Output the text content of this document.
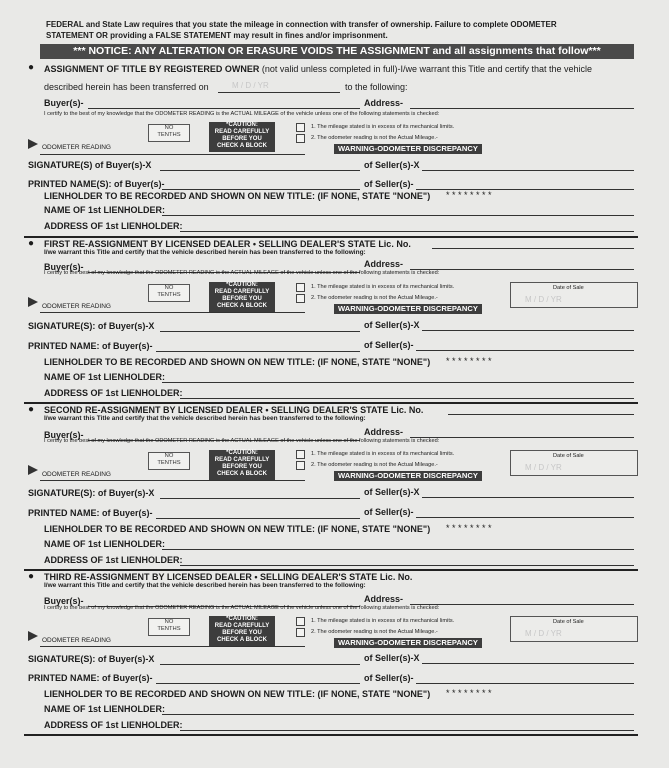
FEDERAL and State Law requires that you state the mileage in connection with transfer of ownership. Failure to complete ODOMETER
STATEMENT OR providing a FALSE STATEMENT may result in fines and/or imprisonment.
*** NOTICE: ANY ALTERATION OR ERASURE VOIDS THE ASSIGNMENT and all assignments that follow***
● ASSIGNMENT OF TITLE BY REGISTERED OWNER (not valid unless completed in full)-I/we warrant this Title and certify that the vehicle
described herein has been transferred on	M / D / YR	to the following:
Buyer(s)-	Address-
I certify to the best of my knowledge that the ODOMETER READING is the ACTUAL MILEAGE of the vehicle unless one of the following statements is checked:
NO
TENTHS
*CAUTION:
READ CAREFULLY
BEFORE YOU
CHECK A BLOCK
1. The mileage stated is in excess of its mechanical limits.
2. The odometer reading is not the Actual Mileage.-
WARNING-ODOMETER DISCREPANCY
ODOMETER READING
SIGNATURE(S) of Buyer(s)-X	of Seller(s)-X
PRINTED NAME(S): of Buyer(s)-	of Seller(s)-
LIENHOLDER TO BE RECORDED AND SHOWN ON NEW TITLE: (IF NONE, STATE "NONE") * * * * * * * *
NAME OF 1st LIENHOLDER:
ADDRESS OF 1st LIENHOLDER:
● FIRST RE-ASSIGNMENT BY LICENSED DEALER • SELLING DEALER'S STATE Lic. No.
I/we warrant this Title and certify that the vehicle described herein has been transferred to the following:
Buyer(s)-	Address-
I certify to the best of my knowledge that the ODOMETER READING is the ACTUAL MILEAGE of the vehicle unless one of the following statements is checked:
NO
TENTHS
*CAUTION:
READ CAREFULLY
BEFORE YOU
CHECK A BLOCK
1. The mileage stated is in excess of its mechanical limits.
2. The odometer reading is not the Actual Mileage.-
WARNING-ODOMETER DISCREPANCY
Date of Sale
M / D / YR
ODOMETER READING
SIGNATURE(S): of Buyer(s)-X	of Seller(s)-X
PRINTED NAME: of Buyer(s)-	of Seller(s)-
LIENHOLDER TO BE RECORDED AND SHOWN ON NEW TITLE: (IF NONE, STATE "NONE") * * * * * * * *
NAME OF 1st LIENHOLDER:
ADDRESS OF 1st LIENHOLDER:
● SECOND RE-ASSIGNMENT BY LICENSED DEALER • SELLING DEALER'S STATE Lic. No.
I/we warrant this Title and certify that the vehicle described herein has been transferred to the following:
Buyer(s)-	Address-
I certify to the best of my knowledge that the ODOMETER READING is the ACTUAL MILEAGE of the vehicle unless one of the following statements is checked:
NO
TENTHS
*CAUTION:
READ CAREFULLY
BEFORE YOU
CHECK A BLOCK
1. The mileage stated is in excess of its mechanical limits.
2. The odometer reading is not the Actual Mileage.-
WARNING-ODOMETER DISCREPANCY
Date of Sale
M / D / YR
ODOMETER READING
SIGNATURE(S): of Buyer(s)-X	of Seller(s)-X
PRINTED NAME: of Buyer(s)-	of Seller(s)-
LIENHOLDER TO BE RECORDED AND SHOWN ON NEW TITLE: (IF NONE, STATE "NONE") * * * * * * * *
NAME OF 1st LIENHOLDER:
ADDRESS OF 1st LIENHOLDER:
● THIRD RE-ASSIGNMENT BY LICENSED DEALER • SELLING DEALER'S STATE Lic. No.
I/we warrant this Title and certify that the vehicle described herein has been transferred to the following:
Buyer(s)-	Address-
I certify to the best of my knowledge that the ODOMETER READING is the ACTUAL MILEAGE of the vehicle unless one of the following statements is checked:
NO
TENTHS
*CAUTION:
READ CAREFULLY
BEFORE YOU
CHECK A BLOCK
1. The mileage stated is in excess of its mechanical limits.
2. The odometer reading is not the Actual Mileage.-
WARNING-ODOMETER DISCREPANCY
Date of Sale
M / D / YR
ODOMETER READING
SIGNATURE(S): of Buyer(s)-X	of Seller(s)-X
PRINTED NAME: of Buyer(s)-	of Seller(s)-
LIENHOLDER TO BE RECORDED AND SHOWN ON NEW TITLE: (IF NONE, STATE "NONE") * * * * * * * *
NAME OF 1st LIENHOLDER:
ADDRESS OF 1st LIENHOLDER:
